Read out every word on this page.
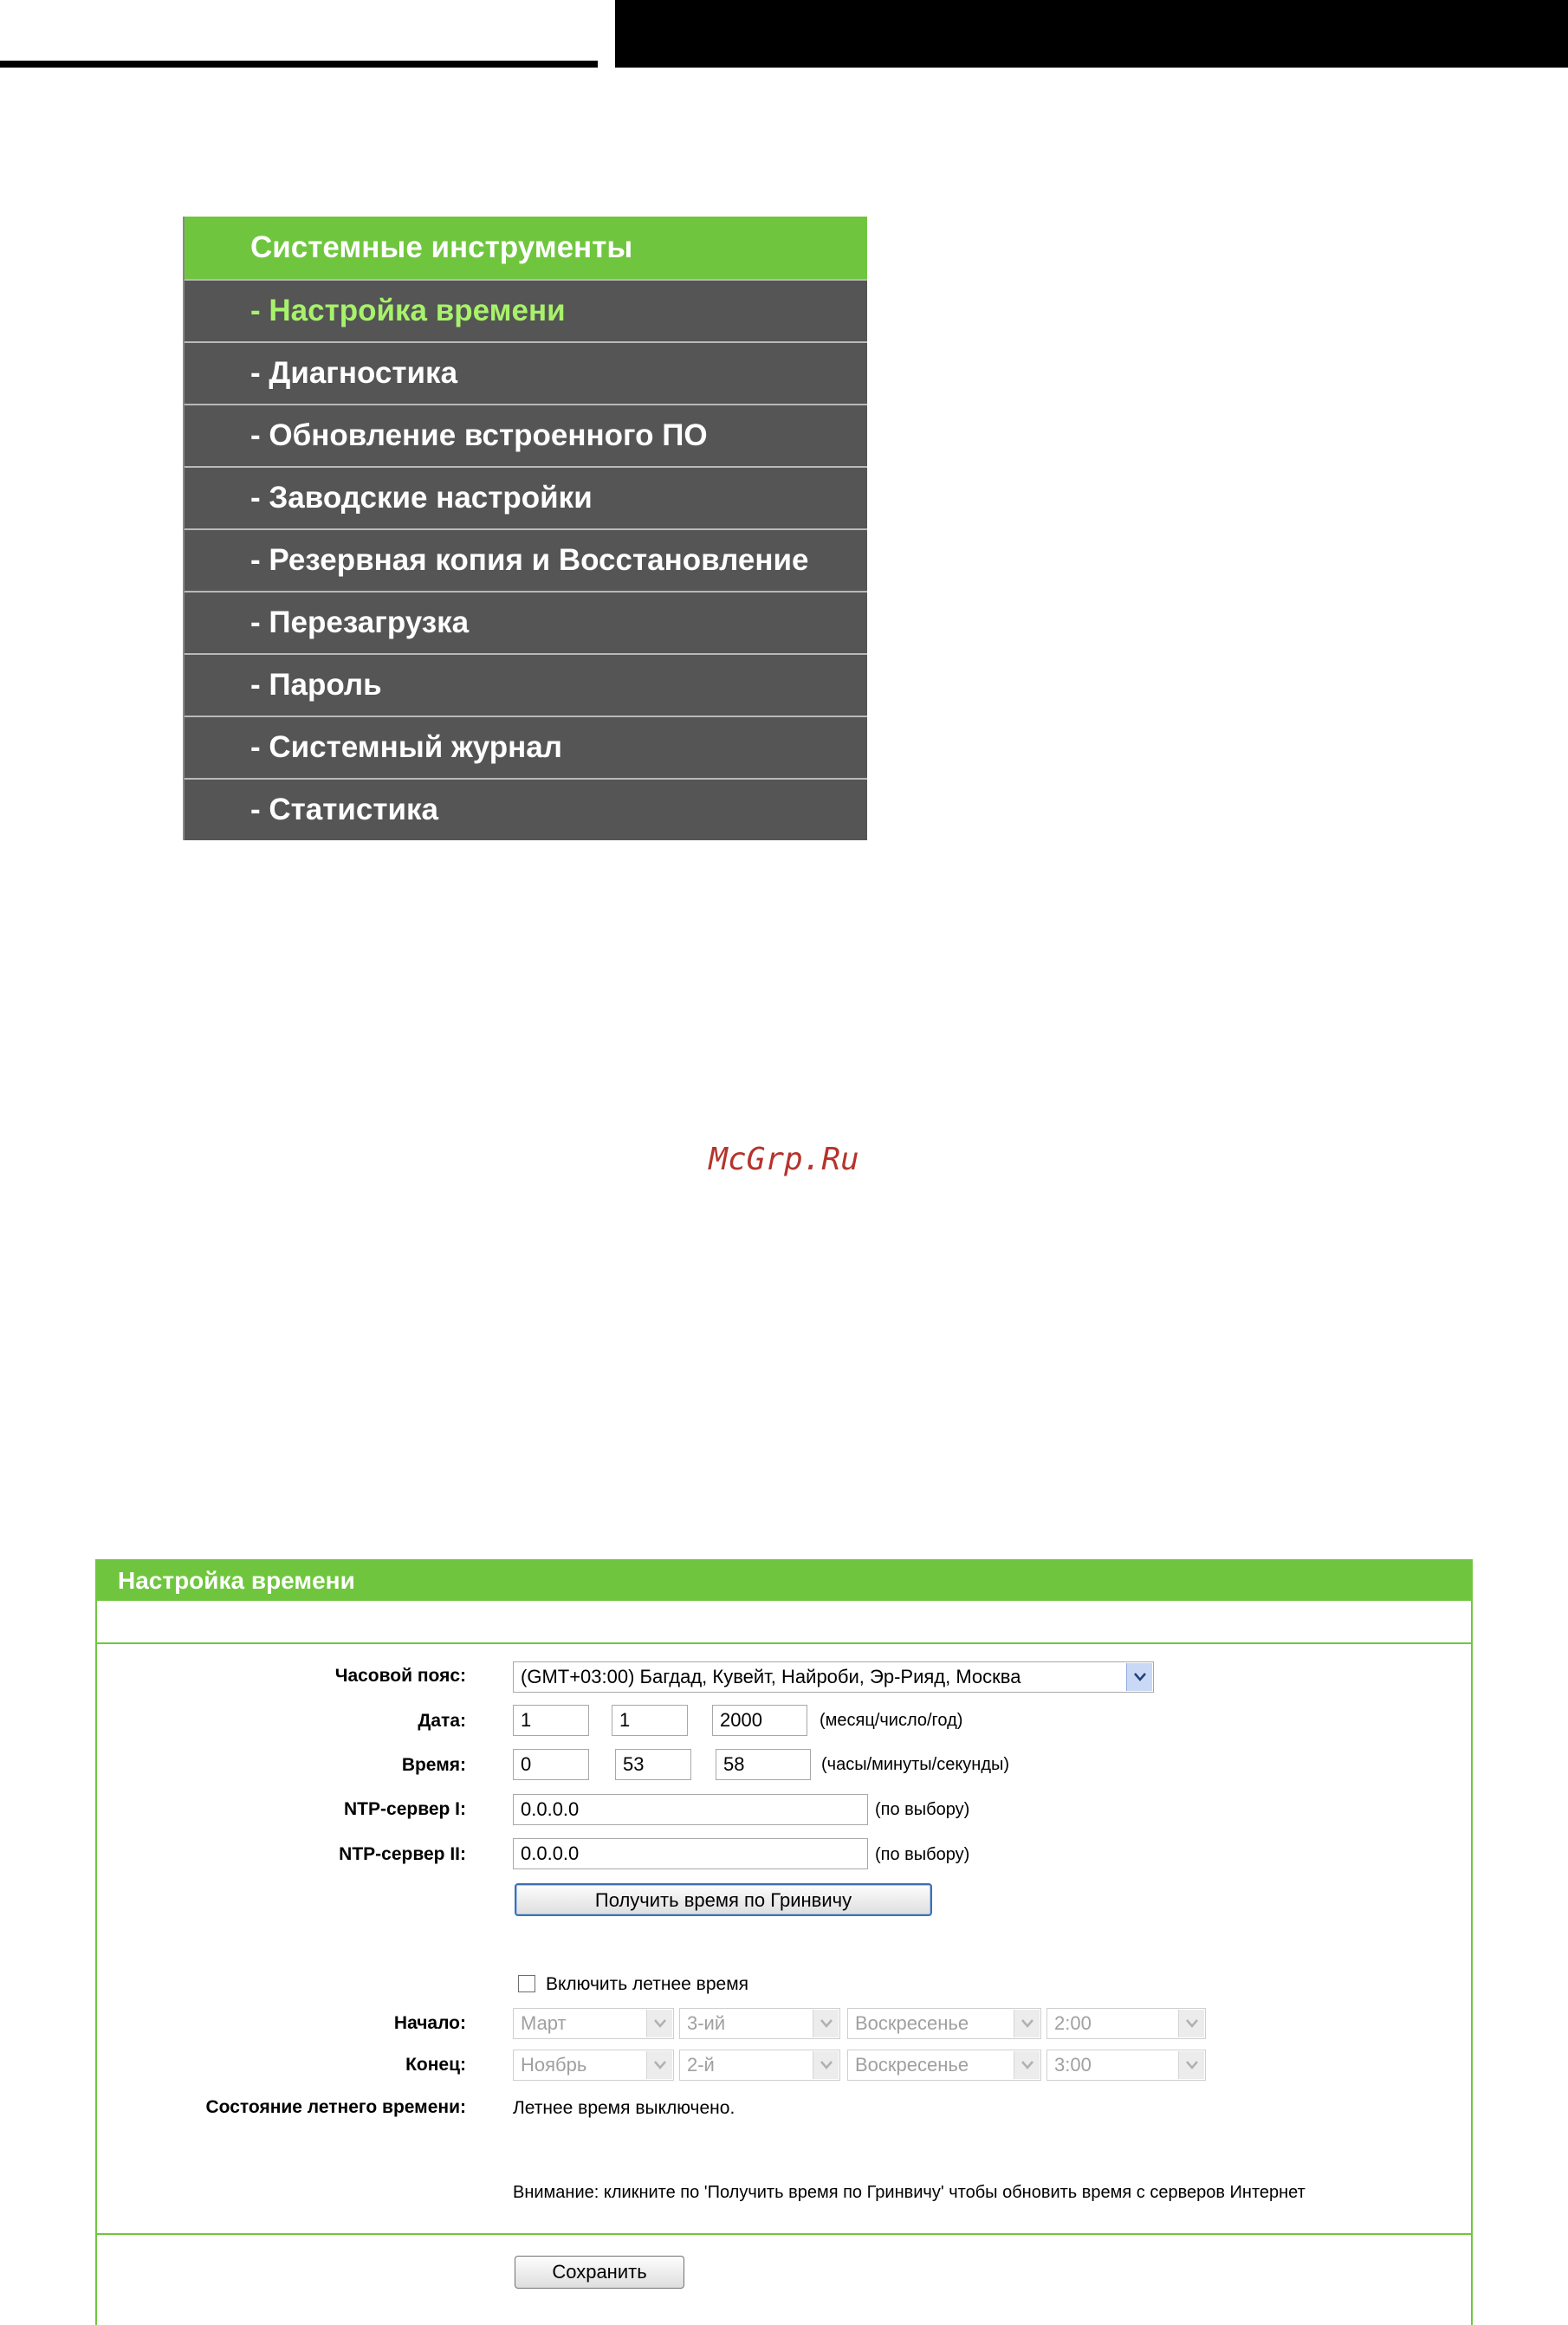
Системные инструменты
- Настройка времени
- Диагностика
- Обновление встроенного ПО
- Заводские настройки
- Резервная копия и Восстановление
- Перезагрузка
- Пароль
- Системный журнал
- Статистика
McGrp.Ru
Настройка времени
Часовой пояс:	(GMT+03:00) Багдад, Кувейт, Найроби, Эр-Рияд, Москва
Дата:	1	1	2000	(месяц/число/год)
Время:	0	53	58	(часы/минуты/секунды)
NTP-сервер I:	0.0.0.0	(по выбору)
NTP-сервер II:	0.0.0.0	(по выбору)
Получить время по Гринвичу
Включить летнее время
Начало:	Март	3-ий	Воскресенье	2:00
Конец:	Ноябрь	2-й	Воскресенье	3:00
Состояние летнего времени:	Летнее время выключено.
Внимание: кликните по 'Получить время по Гринвичу' чтобы обновить время с серверов Интернет
Сохранить
